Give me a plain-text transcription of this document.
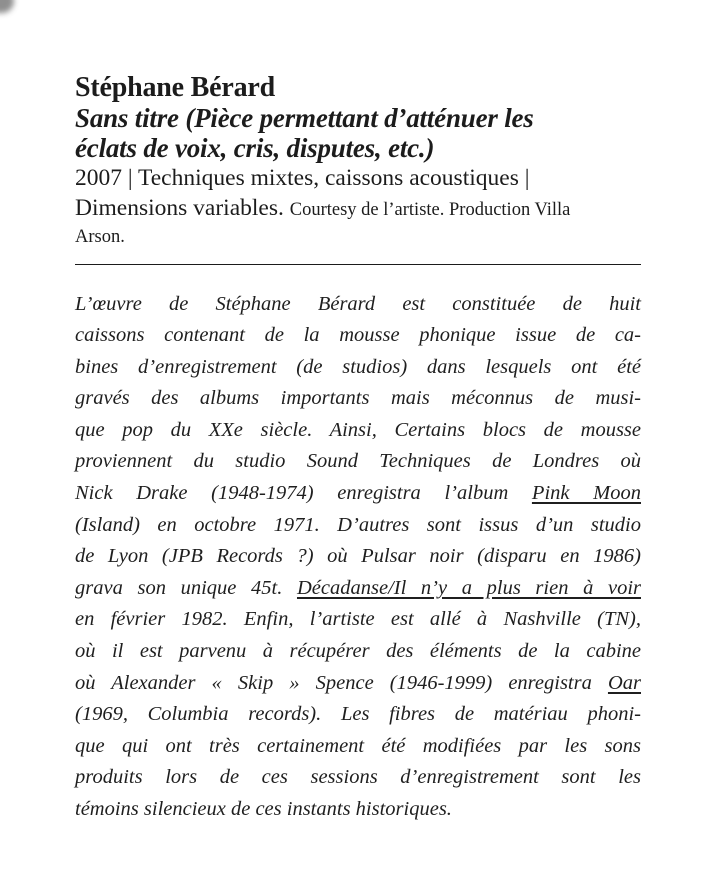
Stéphane Bérard
Sans titre (Pièce permettant d’atténuer les
éclats de voix, cris, disputes, etc.)
2007 | Techniques mixtes, caissons acoustiques |
Dimensions variables. Courtesy de l’artiste. Production Villa
Arson.
L’œuvre de Stéphane Bérard est constituée de huit
caissons contenant de la mousse phonique issue de ca-
bines d’enregistrement (de studios) dans lesquels ont été
gravés des albums importants mais méconnus de musi-
que pop du XXe siècle. Ainsi, Certains blocs de mousse
proviennent du studio Sound Techniques de Londres où
Nick Drake (1948-1974) enregistra l’album Pink Moon
(Island) en octobre 1971. D’autres sont issus d’un studio
de Lyon (JPB Records ?) où Pulsar noir (disparu en 1986)
grava son unique 45t. Décadanse/Il n’y a plus rien à voir
en février 1982. Enfin, l’artiste est allé à Nashville (TN),
où il est parvenu à récupérer des éléments de la cabine
où Alexander « Skip » Spence (1946-1999) enregistra Oar
(1969, Columbia records). Les fibres de matériau phoni-
que qui ont très certainement été modifiées par les sons
produits lors de ces sessions d’enregistrement sont les
témoins silencieux de ces instants historiques.
